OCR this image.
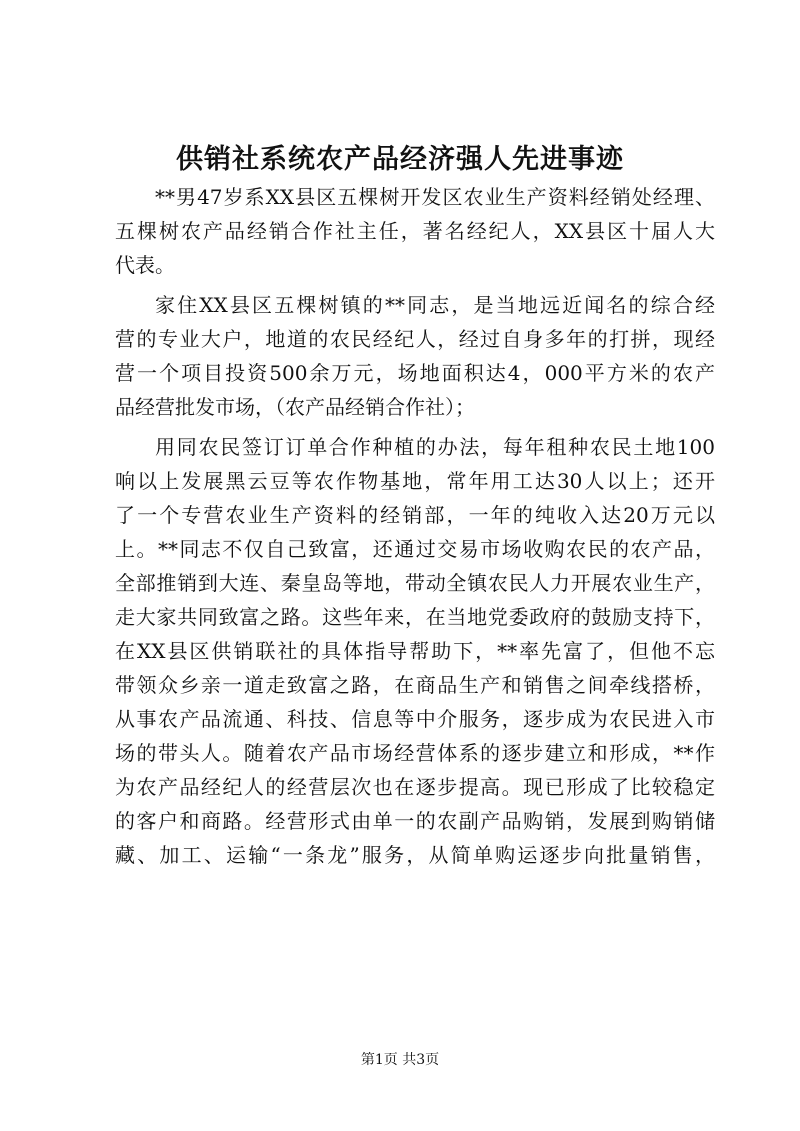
供销社系统农产品经济强人先进事迹
**男47岁系XX县区五棵树开发区农业生产资料经销处经理、
五棵树农产品经销合作社主任，著名经纪人，XX县区十届人大
代表。
家住XX县区五棵树镇的**同志，是当地远近闻名的综合经
营的专业大户，地道的农民经纪人，经过自身多年的打拼，现经
营一个项目投资500余万元，场地面积达4，000平方米的农产
品经营批发市场，（农产品经销合作社）；
用同农民签订订单合作种植的办法，每年租种农民土地100
响以上发展黑云豆等农作物基地，常年用工达30人以上；还开
了一个专营农业生产资料的经销部，一年的纯收入达20万元以
上。**同志不仅自己致富，还通过交易市场收购农民的农产品，
全部推销到大连、秦皇岛等地，带动全镇农民人力开展农业生产，
走大家共同致富之路。这些年来，在当地党委政府的鼓励支持下，
在XX县区供销联社的具体指导帮助下，**率先富了，但他不忘
带领众乡亲一道走致富之路，在商品生产和销售之间牵线搭桥，
从事农产品流通、科技、信息等中介服务，逐步成为农民进入市
场的带头人。随着农产品市场经营体系的逐步建立和形成，**作
为农产品经纪人的经营层次也在逐步提高。现已形成了比较稳定
的客户和商路。经营形式由单一的农副产品购销，发展到购销储
藏、加工、运输“一条龙”服务，从简单购运逐步向批量销售，
第1页 共3页
